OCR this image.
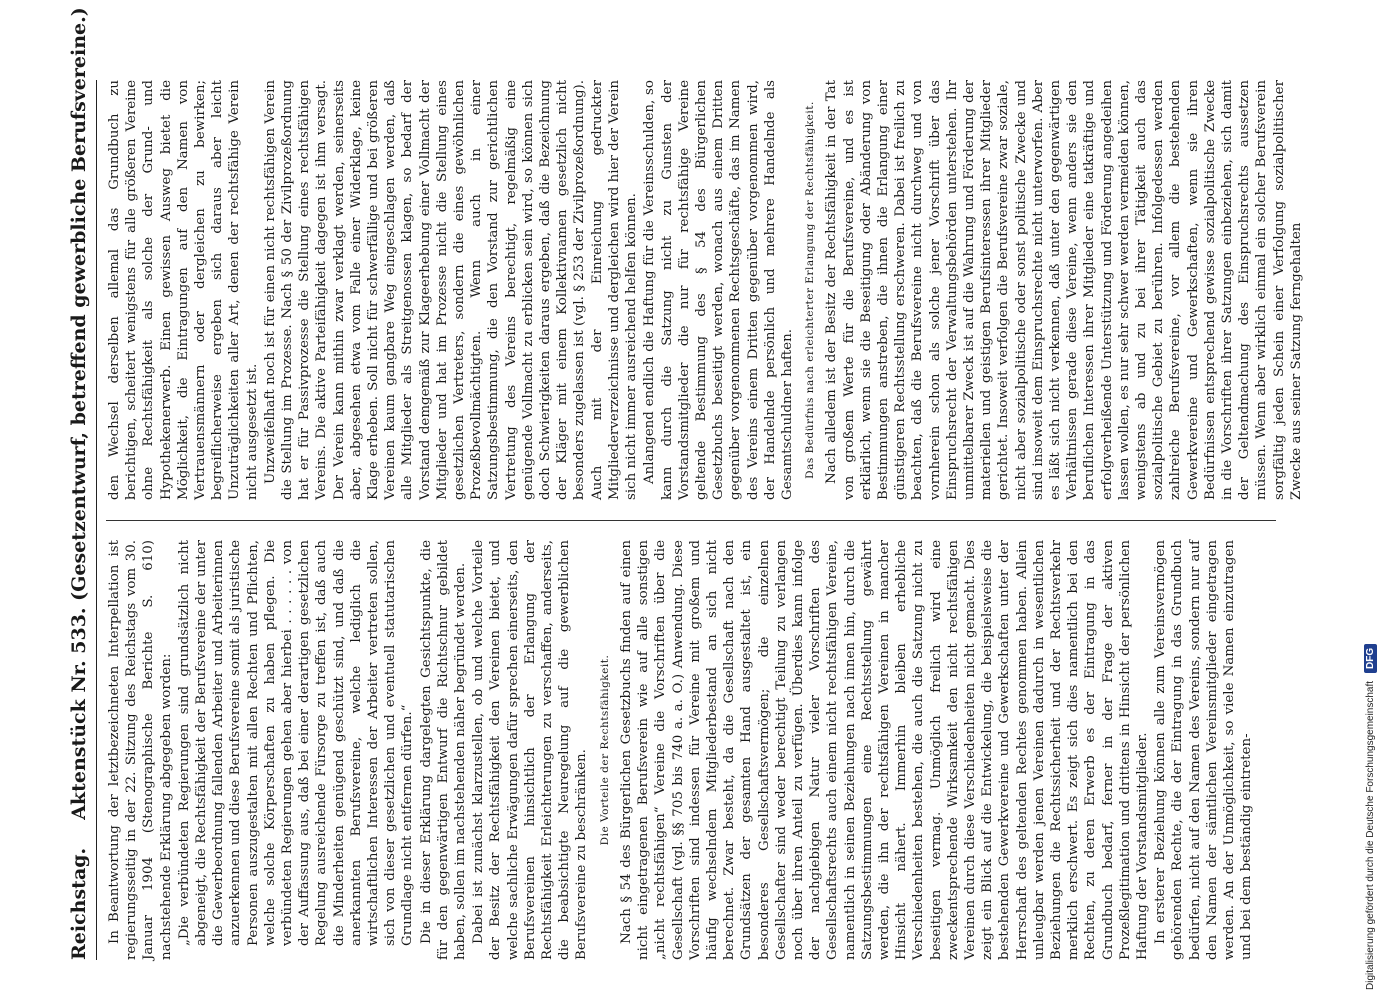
Reichstag.
Aktenstück Nr. 533. (Gesetzentwurf, betreffend gewerbliche Berufsvereine.) In Beantwortung der letztbezeichneten Interpellation ist regierungsseitig in der 22. Sitzung des Reichstags vom 30. Januar 1904 (Stenographische Berichte S. 610) nachstehende Erklärung abgegeben worden: „Die verbündeten Regierungen sind grundsätzlich nicht abgeneigt, die Rechtsfähigkeit der Berufsvereine der unter die Gewerbeordnung fallenden Arbeiter und Arbeiterinnen anzuerkennen und diese Berufsvereine somit als juristische Personen auszugestalten mit allen Rechten und Pflichten, welche solche Körperschaften zu haben pflegen. Die verbündeten Regierungen gehen aber hierbei . . . . . . von der Auffassung aus, daß bei einer derartigen gesetzlichen Regelung ausreichende Fürsorge zu treffen ist, daß auch die Minderheiten genügend geschützt sind, und daß die anerkannten Berufsvereine, welche lediglich die wirtschaftlichen Interessen der Arbeiter vertreten sollen, sich von dieser gesetzlichen und eventuell statutarischen Grundlage nicht entfernen dürfen.“ Die in dieser Erklärung dargelegten Gesichtspunkte, die für den gegenwärtigen Entwurf die Richtschnur gebildet haben, sollen im nachstehenden näher begründet werden. Dabei ist zunächst klarzustellen, ob und welche Vorteile der Besitz der Rechtsfähigkeit den Vereinen bietet, und welche sachliche Erwägungen dafür sprechen einerseits, den Berufsvereinen hinsichtlich der Erlangung der Rechtsfähigkeit Erleichterungen zu verschaffen, anderseits, die beabsichtigte Neuregelung auf die gewerblichen Berufsvereine zu beschränken. Die Vorteile der Rechtsfähigkeit. Nach § 54 des Bürgerlichen Gesetzbuchs finden auf einen nicht eingetragenen Berufsverein wie auf alle sonstigen „nicht rechtsfähigen“ Vereine die Vorschriften über die Gesellschaft (vgl. §§ 705 bis 740 a. a. O.) Anwendung. Diese Vorschriften sind indessen für Vereine mit großem und häufig wechselndem Mitgliederbestand an sich nicht berechnet. Zwar besteht, da die Gesellschaft nach den Grundsätzen der gesamten Hand ausgestaltet ist, ein besonderes Gesellschaftsvermögen; die einzelnen Gesellschafter sind weder berechtigt Teilung zu verlangen noch über ihren Anteil zu verfügen. Überdies kann infolge der nachgiebigen Natur vieler Vorschriften des Gesellschaftsrechts auch einem nicht rechtsfähigen Vereine, namentlich in seinen Beziehungen nach innen hin, durch die Satzungsbestimmungen eine Rechtsstellung gewährt werden, die ihn der rechtsfähigen Vereinen in mancher Hinsicht nähert. Immerhin bleiben erhebliche Verschiedenheiten bestehen, die auch die Satzung nicht zu beseitigen vermag. Unmöglich freilich wird eine zweckentsprechende Wirksamkeit den nicht rechtsfähigen Vereinen durch diese Verschiedenheiten nicht gemacht. Dies zeigt ein Blick auf die Entwickelung, die beispielsweise die bestehenden Gewerkvereine und Gewerkschaften unter der Herrschaft des geltenden Rechtes genommen haben. Allein unleugbar werden jenen Vereinen dadurch in wesentlichen Beziehungen die Rechtssicherheit und der Rechtsverkehr merklich erschwert. Es zeigt sich dies namentlich bei den Rechten, zu deren Erwerb es der Eintragung in das Grundbuch bedarf, ferner in der Frage der aktiven Prozeßlegitimation und drittens in Hinsicht der persönlichen Haftung der Vorstandsmitglieder. In ersterer Beziehung können alle zum Vereinsvermögen gehörenden Rechte, die der Eintragung in das Grundbuch bedürfen, nicht auf den Namen des Vereins, sondern nur auf den Namen der sämtlichen Vereinsmitglieder eingetragen werden. An der Unmöglichkeit, so viele Namen einzutragen und bei dem beständig eintreten-

den Wechsel derselben allemal das Grundbuch zu berichtigen, scheitert wenigstens für alle größeren Vereine ohne Rechtsfähigkeit als solche der Grund- und Hypothekenerwerb. Einen gewissen Ausweg bietet die Möglichkeit, die Eintragungen auf den Namen von Vertrauensmännern oder dergleichen zu bewirken; begreiflicherweise ergeben sich daraus aber leicht Unzuträglichkeiten aller Art, denen der rechtsfähige Verein nicht ausgesetzt ist. Unzweifelhaft noch ist für einen nicht rechtsfähigen Verein die Stellung im Prozesse. Nach § 50 der Zivilprozeßordnung hat er für Passivprozesse die Stellung eines rechtsfähigen Vereins. Die aktive Parteifähigkeit dagegen ist ihm versagt. Der Verein kann mithin zwar verklagt werden, seinerseits aber, abgesehen etwa vom Falle einer Widerklage, keine Klage erheben. Soll nicht für schwerfällige und bei größeren Vereinen kaum gangbare Weg eingeschlagen werden, daß alle Mitglieder als Streitgenossen klagen, so bedarf der Vorstand demgemäß zur Klageerhebung einer Vollmacht der Mitglieder und hat im Prozesse nicht die Stellung eines gesetzlichen Vertreters, sondern die eines gewöhnlichen Prozeßbevollmächtigten. Wenn auch in einer Satzungsbestimmung, die den Vorstand zur gerichtlichen Vertretung des Vereins berechtigt, regelmäßig eine genügende Vollmacht zu erblicken sein wird, so können sich doch Schwierigkeiten daraus ergeben, daß die Bezeichnung der Kläger mit einem Kollektivnamen gesetzlich nicht besonders zugelassen ist (vgl. § 253 der Zivilprozeßordnung). Auch mit der Einreichung gedruckter Mitgliederverzeichnisse und dergleichen wird hier der Verein sich nicht immer ausreichend helfen können. Anlangend endlich die Haftung für die Vereinsschulden, so kann durch die Satzung nicht zu Gunsten der Vorstandsmitglieder die nur für rechtsfähige Vereine geltende Bestimmung des § 54 des Bürgerlichen Gesetzbuchs beseitigt werden, wonach aus einem Dritten gegenüber vorgenommenen Rechtsgeschäfte, das im Namen des Vereins einem Dritten gegenüber vorgenommen wird, der Handelnde persönlich und mehrere Handelnde als Gesamtschuldner haften. Das Bedürfnis nach erleichterter Erlangung der Rechtsfähigkeit. Nach alledem ist der Besitz der Rechtsfähigkeit in der Tat von großem Werte für die Berufsvereine, und es ist erklärlich, wenn sie die Beseitigung oder Abänderung von Bestimmungen anstreben, die ihnen die Erlangung einer günstigeren Rechtsstellung erschweren. Dabei ist freilich zu beachten, daß die Berufsvereine nicht durchweg und von vornherein schon als solche jener Vorschrift über das Einspruchsrecht der Verwaltungsbehörden unterstehen. Ihr unmittelbarer Zweck ist auf die Wahrung und Förderung der materiellen und geistigen Berufsinteressen ihrer Mitglieder gerichtet. Insoweit verfolgen die Berufsvereine zwar soziale, nicht aber sozialpolitische oder sonst politische Zwecke und sind insoweit dem Einspruchsrechte nicht unterworfen. Aber es läßt sich nicht verkennen, daß unter den gegenwärtigen Verhältnissen gerade diese Vereine, wenn anders sie den beruflichen Interessen ihrer Mitglieder eine tatkräftige und erfolgverheißende Unterstützung und Förderung angedeihen lassen wollen, es nur sehr schwer werden vermeiden können, wenigstens ab und zu bei ihrer Tätigkeit auch das sozialpolitische Gebiet zu berühren. Infolgedessen werden zahlreiche Berufsvereine, vor allem die bestehenden Gewerkvereine und Gewerkschaften, wenn sie ihren Bedürfnissen entsprechend gewisse sozialpolitische Zwecke in die Vorschriften ihrer Satzungen einbeziehen, sich damit der Geltendmachung des Einspruchsrechts aussetzen müssen. Wenn aber wirklich einmal ein solcher Berufsverein sorgfältig jeden Schein einer Verfolgung sozialpolitischer Zwecke aus seiner Satzung ferngehalten

Digitalisierung gefördert durch die Deutsche Forschungsgemeinschaft
DFG
